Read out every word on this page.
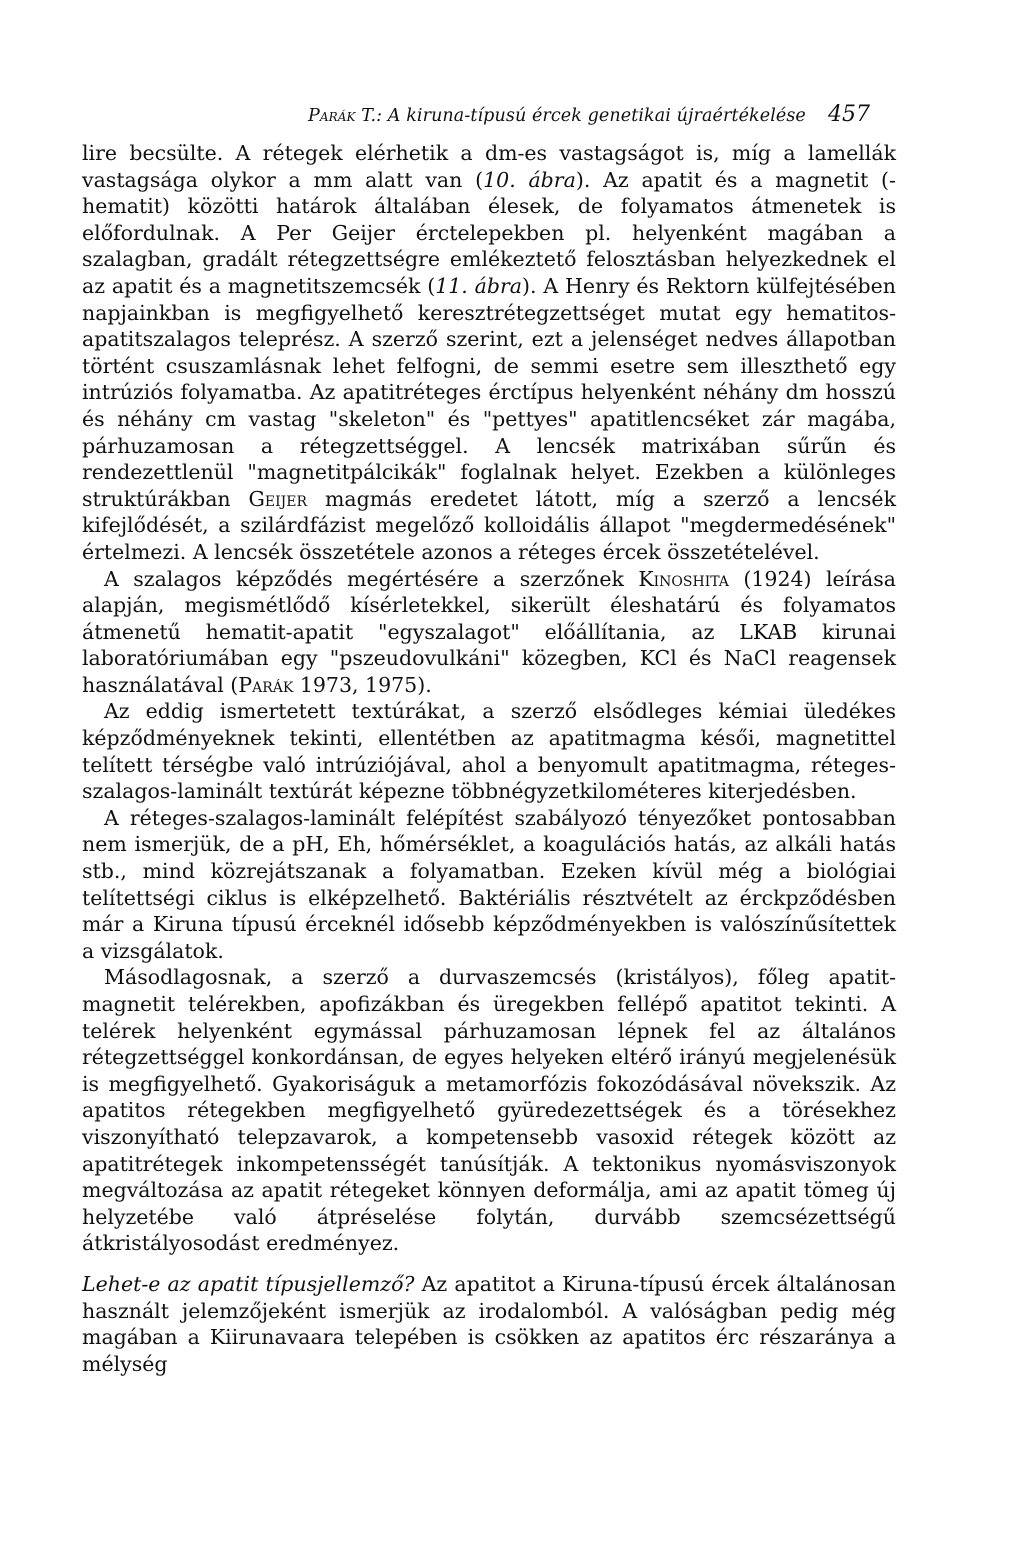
Parák T.: A kiruna-típusú ércek genetikai újraértékelése 457

lire becsülte. A rétegek elérhetik a dm-es vastagságot is, míg a lamellák vastagsága olykor a mm alatt van (10. ábra). Az apatit és a magnetit (-hematit) közötti határok általában élesek, de folyamatos átmenetek is előfordulnak. A Per Geijer érctelepekben pl. helyenként magában a szalagban, gradált rétegzettségre emlékeztető felosztásban helyezkednek el az apatit és a magnetitszemcsék (11. ábra). A Henry és Rektorn külfejtésében napjainkban is megfigyelhető keresztrétegzettséget mutat egy hematitos-apatitszalagos teleprész. A szerző szerint, ezt a jelenséget nedves állapotban történt csuszamlásnak lehet felfogni, de semmi esetre sem illeszthető egy intrúziós folyamatba. Az apatitréteges érctípus helyenként néhány dm hosszú és néhány cm vastag "skeleton" és "pettyes" apatitlencséket zár magába, párhuzamosan a rétegzettséggel. A lencsék matrixában sűrűn és rendezettlenül "magnetitpálcikák" foglalnak helyet. Ezekben a különleges struktúrákban Geijer magmás eredetet látott, míg a szerző a lencsék kifejlődését, a szilárdfázist megelőző kolloidális állapot "megdermedésének" értelmezi. A lencsék összetétele azonos a réteges ércek összetételével.

A szalagos képződés megértésére a szerzőnek Kinoshita (1924) leírása alapján, megismétlődő kísérletekkel, sikerült éleshatárú és folyamatos átmenetű hematit-apatit "egyszalagot" előállítania, az LKAB kirunai laboratóriumában egy "pszeudovulkáni" közegben, KCl és NaCl reagensek használatával (Parák 1973, 1975).

Az eddig ismertetett textúrákat, a szerző elsődleges kémiai üledékes képződményeknek tekinti, ellentétben az apatitmagma késői, magnetittel telített térségbe való intrúziójával, ahol a benyomult apatitmagma, réteges-szalagos-laminált textúrát képezne többnégyzetkilométeres kiterjedésben.

A réteges-szalagos-laminált felépítést szabályozó tényezőket pontosabban nem ismerjük, de a pH, Eh, hőmérséklet, a koagulációs hatás, az alkáli hatás stb., mind közrejátszanak a folyamatban. Ezeken kívül még a biológiai telítettségi ciklus is elképzelhető. Baktériális résztvételt az érckpződésben már a Kiruna típusú érceknél idősebb képződményekben is valószínűsítettek a vizsgálatok.

Másodlagosnak, a szerző a durvaszemcsés (kristályos), főleg apatit-magnetit telérekben, apofizákban és üregekben fellépő apatitot tekinti. A telérek helyenként egymással párhuzamosan lépnek fel az általános rétegzettséggel konkordánsan, de egyes helyeken eltérő irányú megjelenésük is megfigyelhető. Gyakoriságuk a metamorfózis fokozódásával növekszik. Az apatitos rétegekben megfigyelhető gyüredezettségek és a törésekhez viszonyítható telepzavarok, a kompetensebb vasoxid rétegek között az apatitrétegek inkompetensségét tanúsítják. A tektonikus nyomásviszonyok megváltozása az apatit rétegeket könnyen deformálja, ami az apatit tömeg új helyzetébe való átpréselése folytán, durvább szemcsézettségű átkristályosodást eredményez.

Lehet-e az apatit típusjellemző? Az apatitot a Kiruna-típusú ércek általánosan használt jelemzőjeként ismerjük az irodalomból. A valóságban pedig még magában a Kiirunavaara telepében is csökken az apatitos érc részaránya a mélység
